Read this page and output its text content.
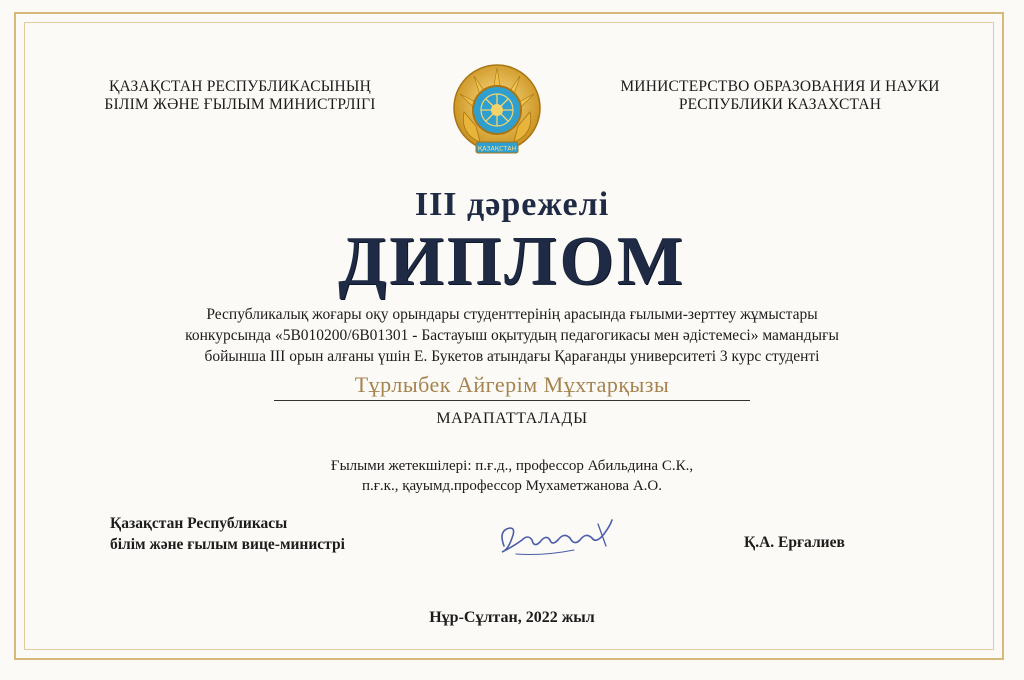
ҚАЗАҚСТАН РЕСПУБЛИКАСЫНЫҢ
БІЛІМ ЖӘНЕ ҒЫЛЫМ МИНИСТРЛІГІ
ҚАЗАҚСТАН
МИНИСТЕРСТВО ОБРАЗОВАНИЯ И НАУКИ
РЕСПУБЛИКИ КАЗАХСТАН
III дәрежелі
ДИПЛОМ
Республикалық жоғары оқу орындары студенттерінің арасында ғылыми-зерттеу жұмыстары
конкурсында «5В010200/6В01301 - Бастауыш оқытудың педагогикасы мен әдістемесі» мамандығы
бойынша III орын алғаны үшін Е. Букетов атындағы Қарағанды университеті 3 курс студенті
Тұрлыбек Айгерім Мұхтарқызы
МАРАПАТТАЛАДЫ
Ғылыми жетекшілері: п.ғ.д., профессор Абильдина С.К.,
п.ғ.к., қауымд.профессор Мухаметжанова А.О.
Қазақстан Республикасы
білім және ғылым вице-министрі	Қ.А. Ерғалиев
Нұр-Сұлтан, 2022 жыл
